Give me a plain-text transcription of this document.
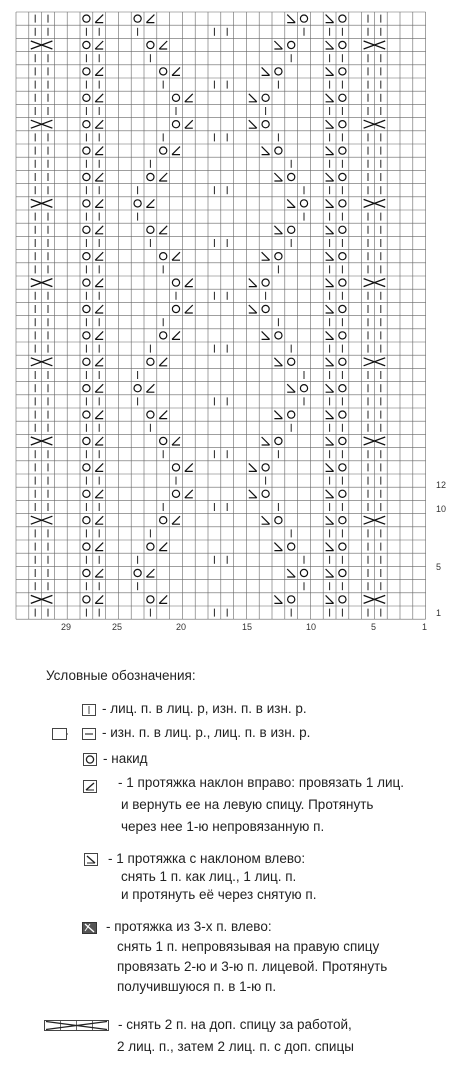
12
10
5
1
29	25	20	15	10	5	1
Условные обозначения:
- лиц. п. в лиц. р, изн. п. в изн. р.
- изн. п. в лиц. р., лиц. п. в изн. р.
- накид
- 1 протяжка наклон вправо: провязать 1 лиц.
и вернуть ее на левую спицу. Протянуть
через нее 1-ю непровязанную п.
- 1 протяжка с наклоном влево:
снять 1 п. как лиц., 1 лиц. п.
и протянуть её через снятую п.
- протяжка из 3-х п. влево:
снять 1 п. непровязывая на правую спицу
провязать 2-ю и 3-ю п. лицевой. Протянуть
получившуюся п. в 1-ю п.
- снять 2 п. на доп. спицу за работой,
2 лиц. п., затем 2 лиц. п. с доп. спицы
